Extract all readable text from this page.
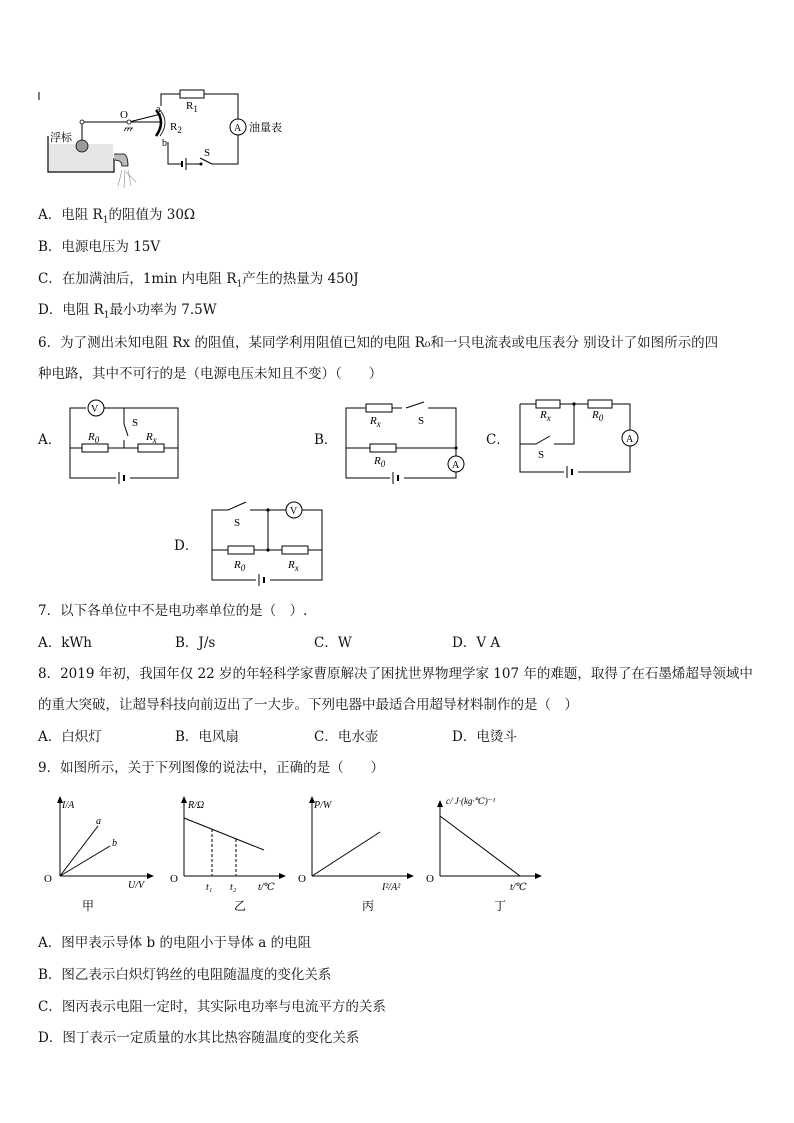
浮标
O	a
b
$R_2$
$R_1$
A 油量表
S
A．电阻 $R_1$的阻值为 30Ω
B．电源电压为 15V
C．在加满油后，1min 内电阻 $R_1$产生的热量为 450J
D．电阻 $R_1$最小功率为 7.5W
6．为了测出未知电阻 Rx 的阻值，某同学利用阻值已知的电阻 R₀和一只电流表或电压表分 别设计了如图所示的四
种电路，其中不可行的是（电源电压未知且不变）（　　）
A．
V
S
$R_0$	$R_x$	B．
A
$R_x$	S
$R_0$
C．	A
$R_x$	$R_0$
S
D．
V
S
$R_0$	$R_x$
7．以下各单位中不是电功率单位的是（　）.
A．kWh	B．J/s	C．W	D．V A
8．2019 年初，我国年仅 22 岁的年轻科学家曹原解决了困扰世界物理学家 107 年的难题，取得了在石墨烯超导领域中
的重大突破，让超导科技向前迈出了一大步。下列电器中最适合用超导材料制作的是（　）
A．白炽灯	B．电风扇	C．电水壶	D．电烫斗
9．如图所示，关于下列图像的说法中，正确的是（　　）
I/A
O
U/V
a
b
甲
R/Ω
O
t₁ t₂ t/℃
乙
P/W
O
I²/A²
丙
c/ J·(kg·℃)⁻¹
O
t/℃
丁
A．图甲表示导体 b 的电阻小于导体 a 的电阻
B．图乙表示白炽灯钨丝的电阻随温度的变化关系
C．图丙表示电阻一定时，其实际电功率与电流平方的关系
D．图丁表示一定质量的水其比热容随温度的变化关系
